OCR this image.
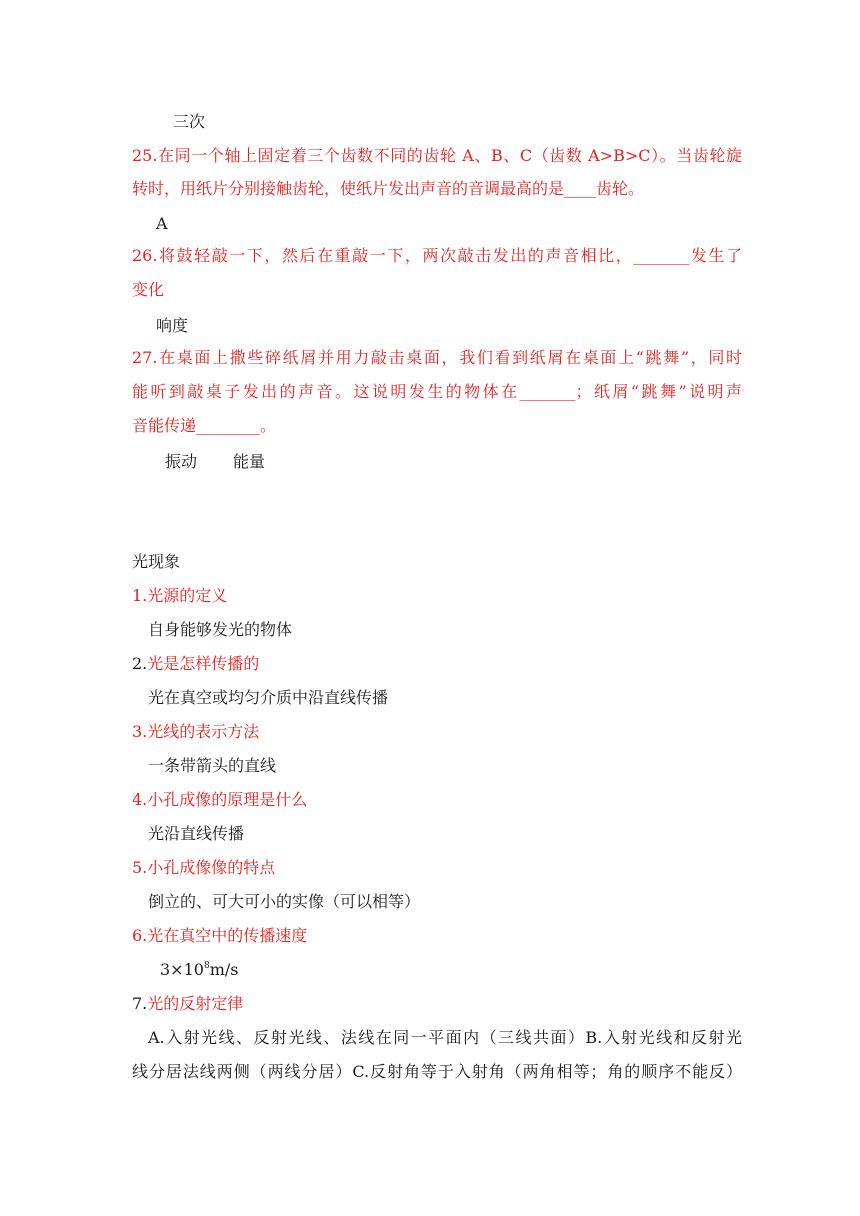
三次
25.在同一个轴上固定着三个齿数不同的齿轮 A、B、C（齿数 A>B>C）。当齿轮旋
转时，用纸片分别接触齿轮，使纸片发出声音的音调最高的是____齿轮。
A
26.将鼓轻敲一下，然后在重敲一下，两次敲击发出的声音相比，_______发生了
变化
响度
27.在桌面上撒些碎纸屑并用力敲击桌面，我们看到纸屑在桌面上“跳舞”，同时
能听到敲桌子发出的声音。这说明发生的物体在_______；纸屑“跳舞”说明声
音能传递________。
振动 能量
光现象
1.光源的定义
自身能够发光的物体
2.光是怎样传播的
光在真空或均匀介质中沿直线传播
3.光线的表示方法
一条带箭头的直线
4.小孔成像的原理是什么
光沿直线传播
5.小孔成像像的特点
倒立的、可大可小的实像（可以相等）
6.光在真空中的传播速度
$3\times 10^8m/s$
7.光的反射定律
A.入射光线、反射光线、法线在同一平面内（三线共面）B.入射光线和反射光
线分居法线两侧（两线分居）C.反射角等于入射角（两角相等；角的顺序不能反）
